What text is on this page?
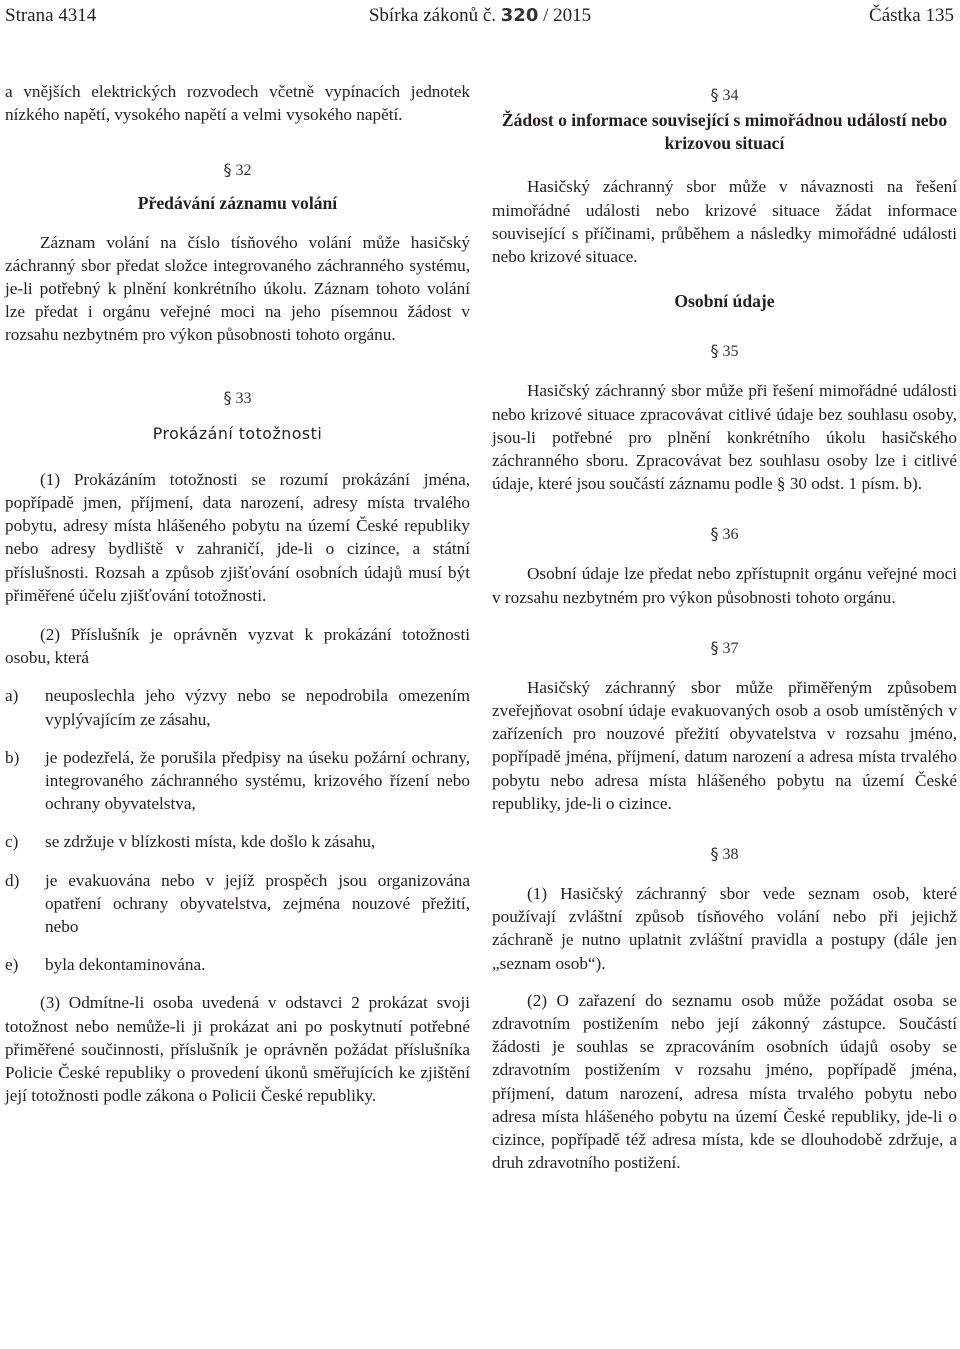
Strana 4314	Sbírka zákonů č. 320 / 2015	Částka 135

a vnějších elektrických rozvodech včetně vypínacích jednotek nízkého napětí, vysokého napětí a velmi vysokého napětí.

§ 32
Předávání záznamu volání

Záznam volání na číslo tísňového volání může hasičský záchranný sbor předat složce integrovaného záchranného systému, je-li potřebný k plnění konkrétního úkolu. Záznam tohoto volání lze předat i orgánu veřejné moci na jeho písemnou žádost v rozsahu nezbytném pro výkon působnosti tohoto orgánu.

§ 33
Prokázání totožnosti

(1) Prokázáním totožnosti se rozumí prokázání jména, popřípadě jmen, příjmení, data narození, adresy místa trvalého pobytu, adresy místa hlášeného pobytu na území České republiky nebo adresy bydliště v zahraničí, jde-li o cizince, a státní příslušnosti. Rozsah a způsob zjišťování osobních údajů musí být přiměřené účelu zjišťování totožnosti.

(2) Příslušník je oprávněn vyzvat k prokázání totožnosti osobu, která

a) neuposlechla jeho výzvy nebo se nepodrobila omezením vyplývajícím ze zásahu,
b) je podezřelá, že porušila předpisy na úseku požární ochrany, integrovaného záchranného systému, krizového řízení nebo ochrany obyvatelstva,
c) se zdržuje v blízkosti místa, kde došlo k zásahu,
d) je evakuována nebo v jejíž prospěch jsou organizována opatření ochrany obyvatelstva, zejména nouzové přežití, nebo
e) byla dekontaminována.

(3) Odmítne-li osoba uvedená v odstavci 2 prokázat svoji totožnost nebo nemůže-li ji prokázat ani po poskytnutí potřebné přiměřené součinnosti, příslušník je oprávněn požádat příslušníka Policie České republiky o provedení úkonů směřujících ke zjištění její totožnosti podle zákona o Policii České republiky.

§ 34
Žádost o informace související s mimořádnou událostí nebo krizovou situací

Hasičský záchranný sbor může v návaznosti na řešení mimořádné události nebo krizové situace žádat informace související s příčinami, průběhem a následky mimořádné události nebo krizové situace.

Osobní údaje
§ 35

Hasičský záchranný sbor může při řešení mimořádné události nebo krizové situace zpracovávat citlivé údaje bez souhlasu osoby, jsou-li potřebné pro plnění konkrétního úkolu hasičského záchranného sboru. Zpracovávat bez souhlasu osoby lze i citlivé údaje, které jsou součástí záznamu podle § 30 odst. 1 písm. b).

§ 36

Osobní údaje lze předat nebo zpřístupnit orgánu veřejné moci v rozsahu nezbytném pro výkon působnosti tohoto orgánu.

§ 37

Hasičský záchranný sbor může přiměřeným způsobem zveřejňovat osobní údaje evakuovaných osob a osob umístěných v zařízeních pro nouzové přežití obyvatelstva v rozsahu jméno, popřípadě jména, příjmení, datum narození a adresa místa trvalého pobytu nebo adresa místa hlášeného pobytu na území České republiky, jde-li o cizince.

§ 38

(1) Hasičský záchranný sbor vede seznam osob, které používají zvláštní způsob tísňového volání nebo při jejichž záchraně je nutno uplatnit zvláštní pravidla a postupy (dále jen „seznam osob“).

(2) O zařazení do seznamu osob může požádat osoba se zdravotním postižením nebo její zákonný zástupce. Součástí žádosti je souhlas se zpracováním osobních údajů osoby se zdravotním postižením v rozsahu jméno, popřípadě jména, příjmení, datum narození, adresa místa trvalého pobytu nebo adresa místa hlášeného pobytu na území České republiky, jde-li o cizince, popřípadě též adresa místa, kde se dlouhodobě zdržuje, a druh zdravotního postižení.
